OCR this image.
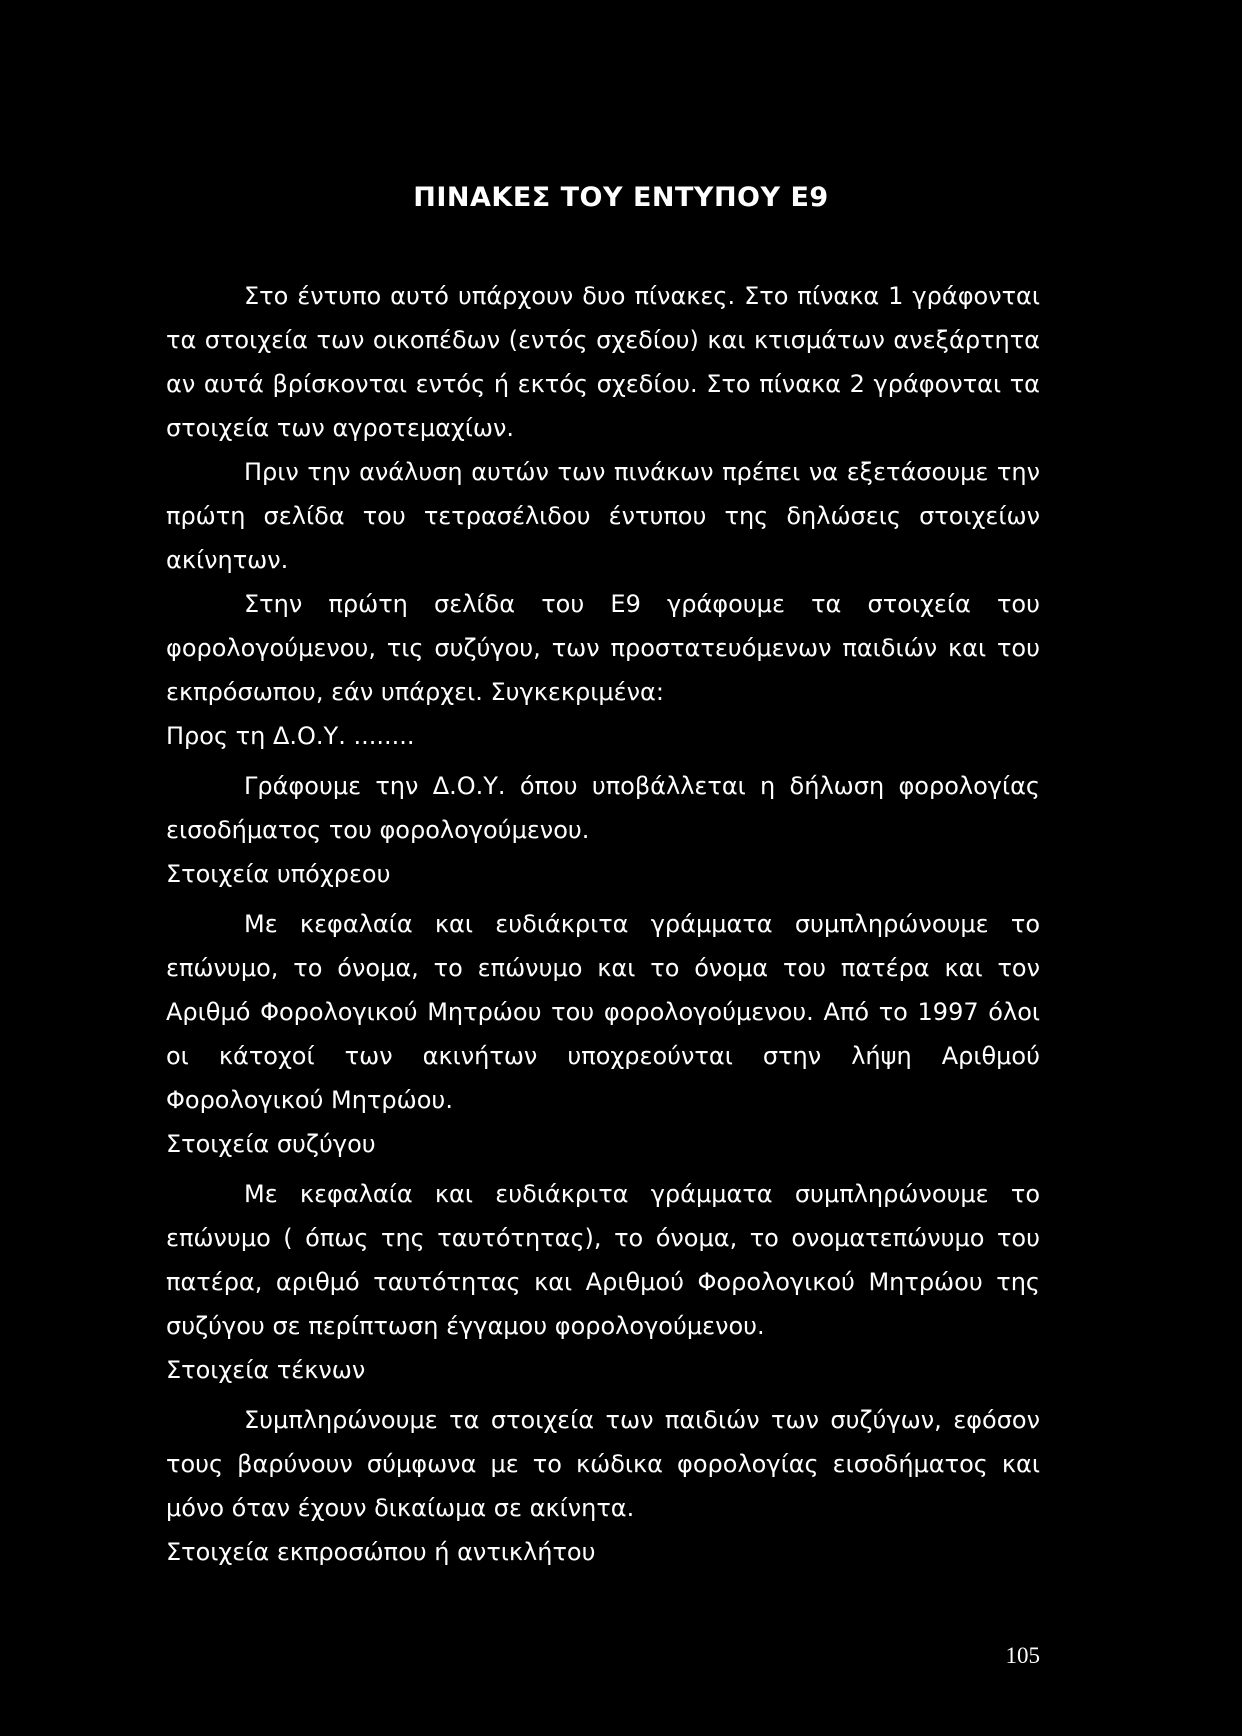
ΠΙΝΑΚΕΣ ΤΟΥ ΕΝΤΥΠΟΥ Ε9

Στο έντυπο αυτό υπάρχουν δυο πίνακες. Στο πίνακα 1 γράφονται τα στοιχεία των οικοπέδων (εντός σχεδίου) και κτισμάτων ανεξάρτητα αν αυτά βρίσκονται εντός ή εκτός σχεδίου. Στο πίνακα 2 γράφονται τα στοιχεία των αγροτεμαχίων.

Πριν την ανάλυση αυτών των πινάκων πρέπει να εξετάσουμε την πρώτη σελίδα του τετρασέλιδου έντυπου της δηλώσεις στοιχείων ακίνητων.

Στην πρώτη σελίδα του Ε9 γράφουμε τα στοιχεία του φορολογούμενου, τις συζύγου, των προστατευόμενων παιδιών και του εκπρόσωπου, εάν υπάρχει. Συγκεκριμένα:

Προς τη Δ.Ο.Υ. ........

Γράφουμε την Δ.Ο.Υ. όπου υποβάλλεται η δήλωση φορολογίας εισοδήματος του φορολογούμενου.

Στοιχεία υπόχρεου

Με κεφαλαία και ευδιάκριτα γράμματα συμπληρώνουμε το επώνυμο, το όνομα, το επώνυμο και το όνομα του πατέρα και τον Αριθμό Φορολογικού Μητρώου του φορολογούμενου. Από το 1997 όλοι οι κάτοχοί των ακινήτων υποχρεούνται στην λήψη Αριθμού Φορολογικού Μητρώου.

Στοιχεία συζύγου

Με κεφαλαία και ευδιάκριτα γράμματα συμπληρώνουμε το επώνυμο ( όπως της ταυτότητας), το όνομα, το ονοματεπώνυμο του πατέρα, αριθμό ταυτότητας και Αριθμού Φορολογικού Μητρώου της συζύγου σε περίπτωση έγγαμου φορολογούμενου.

Στοιχεία τέκνων

Συμπληρώνουμε τα στοιχεία των παιδιών των συζύγων, εφόσον τους βαρύνουν σύμφωνα με το κώδικα φορολογίας εισοδήματος και μόνο όταν έχουν δικαίωμα σε ακίνητα.

Στοιχεία εκπροσώπου ή αντικλήτου

105
